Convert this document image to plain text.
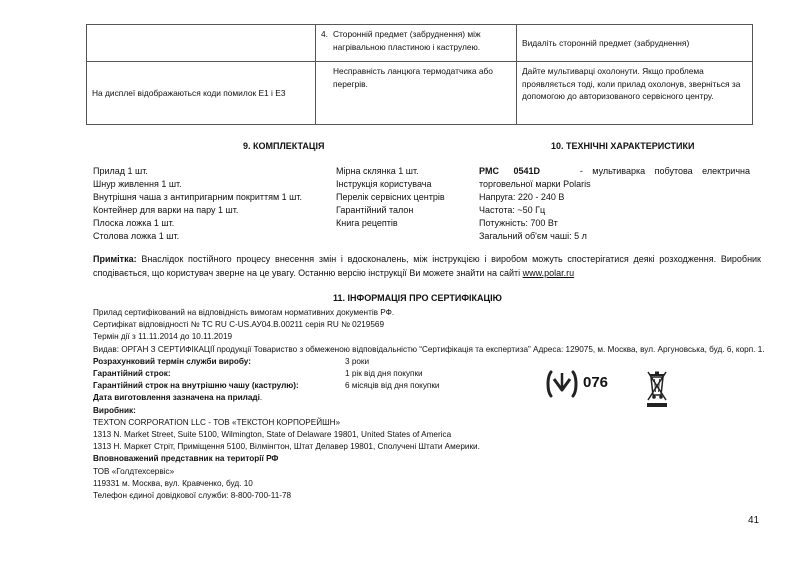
	4. Сторонній предмет (забруднення) між нагрівальною пластиною і каструлею.	Видаліть сторонній предмет (забруднення)
На дисплеї відображаються коди помилок E1 і E3	Несправність ланцюга термодатчика або перегрів.	Дайте мультиварці охолонути. Якщо проблема проявляється тоді, коли прилад охолонув, зверніться за допомогою до авторизованого сервісного центру.
9. КОМПЛЕКТАЦІЯ	10. ТЕХНІЧНІ ХАРАКТЕРИСТИКИ
Прилад 1 шт.
Шнур живлення 1 шт.
Внутрішня чаша з антипригарним покриттям 1 шт.
Контейнер для варки на пару 1 шт.
Плоска ложка 1 шт.
Столова ложка 1 шт.
Мірна склянка 1 шт.
Інструкція користувача
Перелік сервісних центрів
Гарантійний талон
Книга рецептів
PMC 0541D	- мультиварка побутова електрична
торговельної марки Polaris
Напруга: 220 - 240 В
Частота: ~50 Гц
Потужність: 700 Вт
Загальний об'єм чаші: 5 л
Примітка: Внаслідок постійного процесу внесення змін і вдосконалень, між інструкцією і виробом можуть спостерігатися деякі розходження. Виробник сподівається, що користувач зверне на це увагу. Останню версію інструкції Ви можете знайти на сайті www.polar.ru
11. ІНФОРМАЦІЯ ПРО СЕРТИФІКАЦІЮ
Прилад сертифікований на відповідність вимогам нормативних документів РФ.
Сертифікат відповідності № TC RU C-US.АУ04.В.00211 серія RU № 0219569
Термін дії з 11.11.2014 до 10.11.2019
Видав: ОРГАН З СЕРТИФІКАЦІЇ продукції Товариство з обмеженою відповідальністю “Сертифікація та експертиза” Адреса: 129075, м. Москва, вул. Аргуновська, буд. 6, корп. 1.
Розрахунковий термін служби виробу:	3 роки
Гарантійний строк:	1 рік від дня покупки
Гарантійний строк на внутрішню чашу (каструлю):	6 місяців від дня покупки
Дата виготовлення зазначена на приладі.
Виробник:
TEXTON CORPORATION LLC - ТОВ «ТЕКСТОН КОРПОРЕЙШН»
1313 N. Market Street, Suite 5100, Wilmington, State of Delaware 19801, United States of America
1313 Н. Маркет Стріт, Приміщення 5100, Вілмінгтон, Штат Делавер 19801, Сполучені Штати Америки.
Вповноважений представник на території РФ
ТОВ «Голдтехсервіс»
119331 м. Москва, вул. Кравченко, буд. 10
Телефон єдиної довідкової служби: 8-800-700-11-78
076
41
